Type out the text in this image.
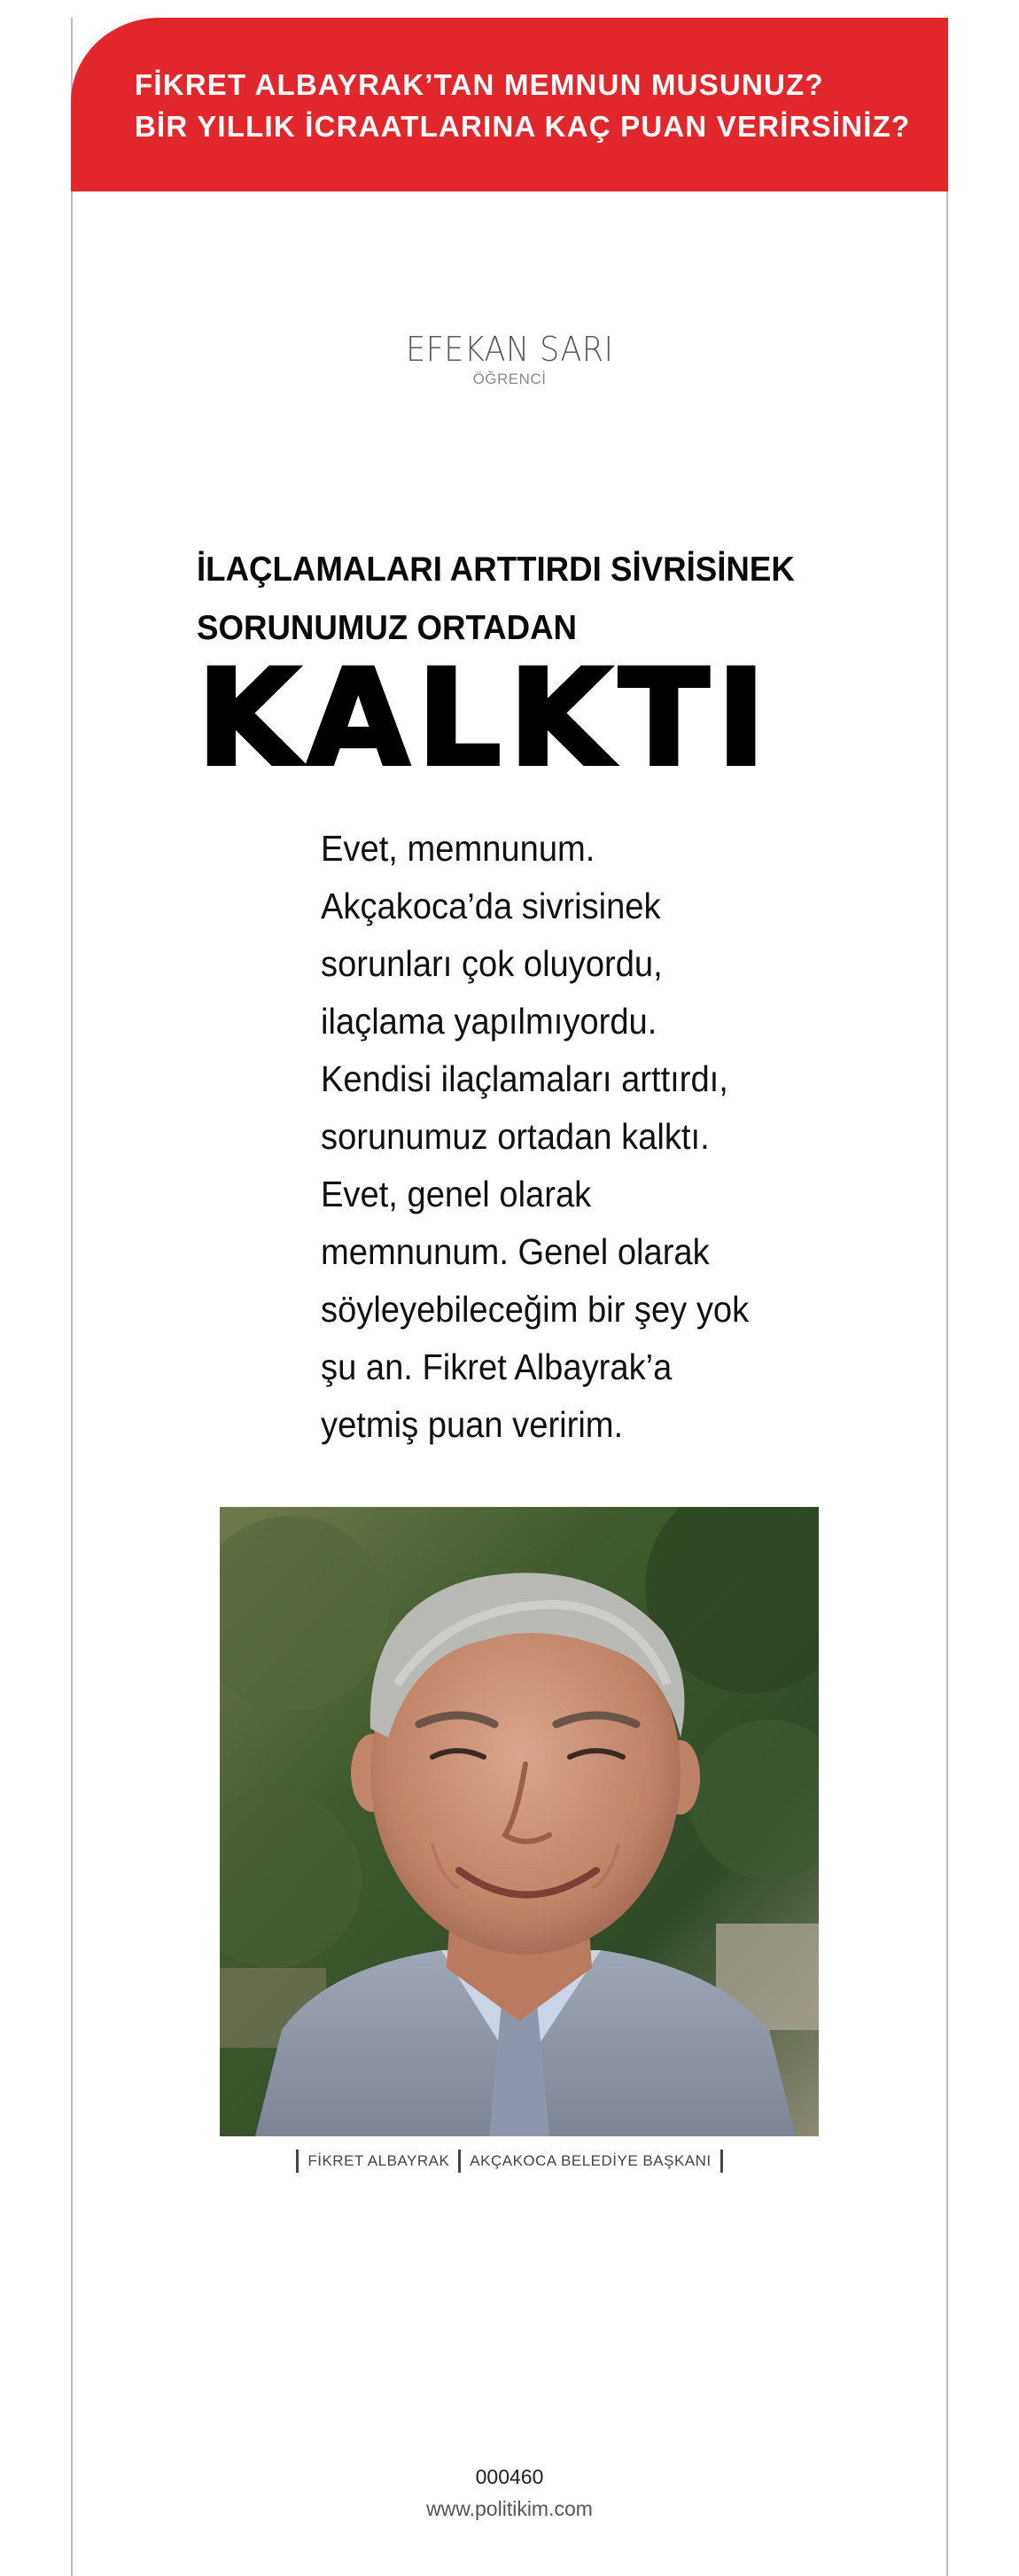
FİKRET ALBAYRAK’TAN MEMNUN MUSUNUZ?
BİR YILLIK İCRAATLARINA KAÇ PUAN VERİRSİNİZ?
EFEKAN SARI
ÖĞRENCİ
İLAÇLAMALARI ARTTIRDI SİVRİSİNEK
SORUNUMUZ ORTADAN
KALKTI
Evet, memnunum.
Akçakoca’da sivrisinek
sorunları çok oluyordu,
ilaçlama yapılmıyordu.
Kendisi ilaçlamaları arttırdı,
sorunumuz ortadan kalktı.
Evet, genel olarak
memnunum. Genel olarak
söyleyebileceğim bir şey yok
şu an. Fikret Albayrak’a
yetmiş puan veririm.
FİKRET ALBAYRAK AKÇAKOCA BELEDİYE BAŞKANI
000460
www.politikim.com
